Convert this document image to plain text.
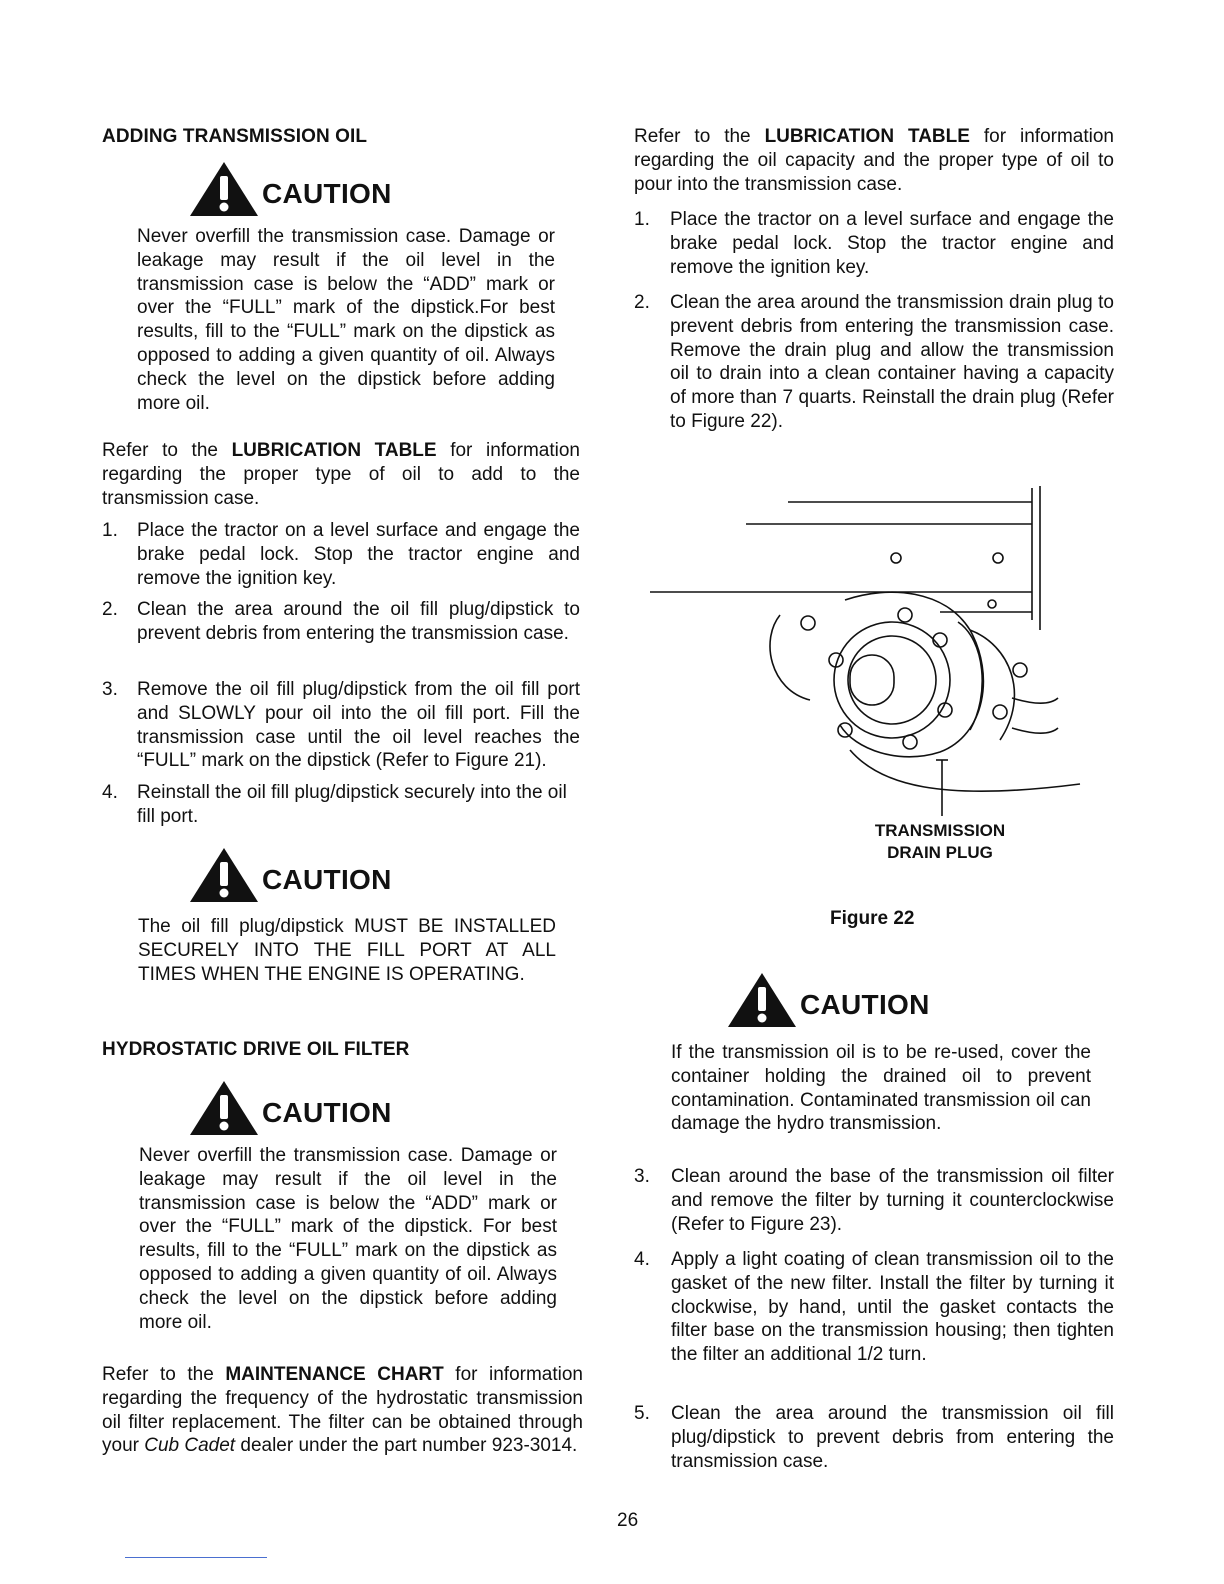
ADDING TRANSMISSION OIL
CAUTION
Never overfill the transmission case. Damage or leakage may result if the oil level in the transmission case is below the “ADD” mark or over the “FULL” mark of the dipstick.For best results, fill to the “FULL” mark on the dipstick as opposed to adding a given quantity of oil. Always check the level on the dipstick before adding more oil.
Refer to the LUBRICATION TABLE for information regarding the proper type of oil to add to the transmission case.
1. Place the tractor on a level surface and engage the brake pedal lock. Stop the tractor engine and remove the ignition key.
2. Clean the area around the oil fill plug/dipstick to prevent debris from entering the transmission case.
3. Remove the oil fill plug/dipstick from the oil fill port and SLOWLY pour oil into the oil fill port. Fill the transmission case until the oil level reaches the “FULL” mark on the dipstick (Refer to Figure 21).
4. Reinstall the oil fill plug/dipstick securely into the oil fill port.
CAUTION
The oil fill plug/dipstick MUST BE INSTALLED SECURELY INTO THE FILL PORT AT ALL TIMES WHEN THE ENGINE IS OPERATING.
HYDROSTATIC DRIVE OIL FILTER
CAUTION
Never overfill the transmission case. Damage or leakage may result if the oil level in the transmission case is below the “ADD” mark or over the “FULL” mark of the dipstick. For best results, fill to the “FULL” mark on the dipstick as opposed to adding a given quantity of oil. Always check the level on the dipstick before adding more oil.
Refer to the MAINTENANCE CHART for information regarding the frequency of the hydrostatic transmission oil filter replacement. The filter can be obtained through your Cub Cadet dealer under the part number 923-3014.
Refer to the LUBRICATION TABLE for information regarding the oil capacity and the proper type of oil to pour into the transmission case.
1. Place the tractor on a level surface and engage the brake pedal lock. Stop the tractor engine and remove the ignition key.
2. Clean the area around the transmission drain plug to prevent debris from entering the transmission case. Remove the drain plug and allow the transmission oil to drain into a clean container having a capacity of more than 7 quarts. Reinstall the drain plug (Refer to Figure 22).
TRANSMISSION
DRAIN PLUG
Figure 22
CAUTION
If the transmission oil is to be re-used, cover the container holding the drained oil to prevent contamination. Contaminated transmission oil can damage the hydro transmission.
3. Clean around the base of the transmission oil filter and remove the filter by turning it counterclockwise (Refer to Figure 23).
4. Apply a light coating of clean transmission oil to the gasket of the new filter. Install the filter by turning it clockwise, by hand, until the gasket contacts the filter base on the transmission housing; then tighten the filter an additional 1/2 turn.
5. Clean the area around the transmission oil fill plug/dipstick to prevent debris from entering the transmission case.
26
